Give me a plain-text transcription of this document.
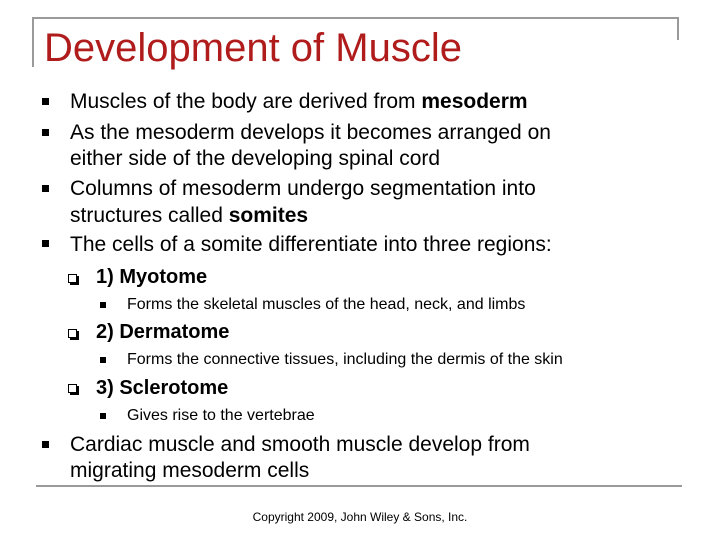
Development of Muscle
Muscles of the body are derived from mesoderm
As the mesoderm develops it becomes arranged on
either side of the developing spinal cord
Columns of mesoderm undergo segmentation into
structures called somites
The cells of a somite differentiate into three regions:
1) Myotome
Forms the skeletal muscles of the head, neck, and limbs
2) Dermatome
Forms the connective tissues, including the dermis of the skin
3) Sclerotome
Gives rise to the vertebrae
Cardiac muscle and smooth muscle develop from
migrating mesoderm cells
Copyright 2009, John Wiley & Sons, Inc.
